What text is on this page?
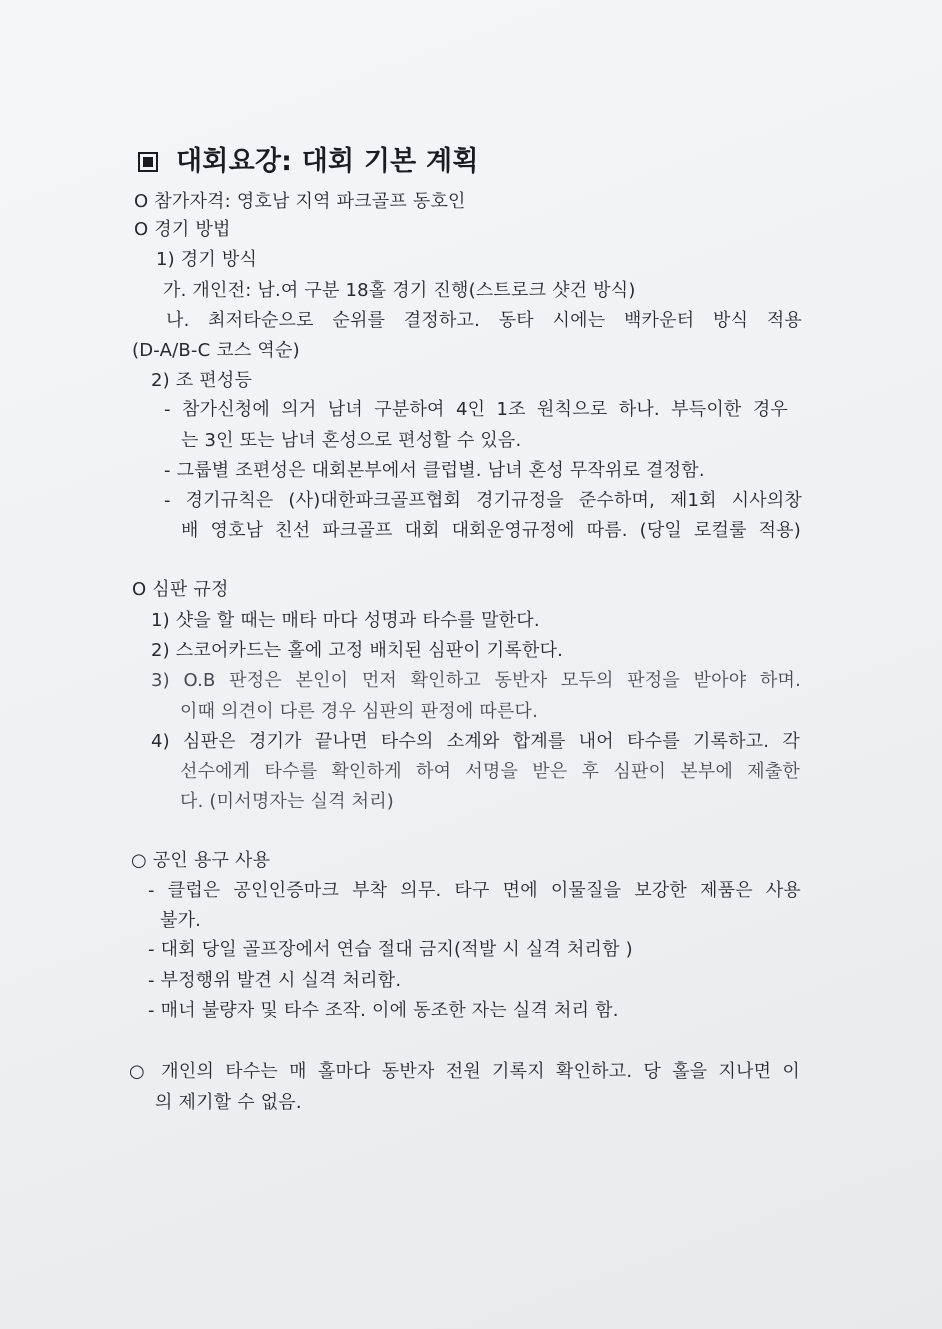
대회요강: 대회 기본 계획
O 참가자격: 영호남 지역 파크골프 동호인
O 경기 방법
1) 경기 방식
가. 개인전: 남.여 구분 18홀 경기 진행(스트로크 샷건 방식)
나. 최저타순으로 순위를 결정하고. 동타 시에는 백카운터 방식 적용
(D-A/B-C 코스 역순)
2) 조 편성등
- 참가신청에 의거 남녀 구분하여 4인 1조 원칙으로 하나. 부득이한 경우
는 3인 또는 남녀 혼성으로 편성할 수 있음.
- 그룹별 조편성은 대회본부에서 클럽별. 남녀 혼성 무작위로 결정함.
- 경기규칙은 (사)대한파크골프협회 경기규정을 준수하며, 제1회 시사의창
배 영호남 친선 파크골프 대회 대회운영규정에 따름. (당일 로컬룰 적용)
O 심판 규정
1) 샷을 할 때는 매타 마다 성명과 타수를 말한다.
2) 스코어카드는 홀에 고정 배치된 심판이 기록한다.
3) O.B 판정은 본인이 먼저 확인하고 동반자 모두의 판정을 받아야 하며.
이때 의견이 다른 경우 심판의 판정에 따른다.
4) 심판은 경기가 끝나면 타수의 소계와 합계를 내어 타수를 기록하고. 각
선수에게 타수를 확인하게 하여 서명을 받은 후 심판이 본부에 제출한
다. (미서명자는 실격 처리)
○ 공인 용구 사용
- 클럽은 공인인증마크 부착 의무. 타구 면에 이물질을 보강한 제품은 사용
불가.
- 대회 당일 골프장에서 연습 절대 금지(적발 시 실격 처리함 )
- 부정행위 발견 시 실격 처리함.
- 매너 불량자 및 타수 조작. 이에 동조한 자는 실격 처리 함.
○ 개인의 타수는 매 홀마다 동반자 전원 기록지 확인하고. 당 홀을 지나면 이
의 제기할 수 없음.
